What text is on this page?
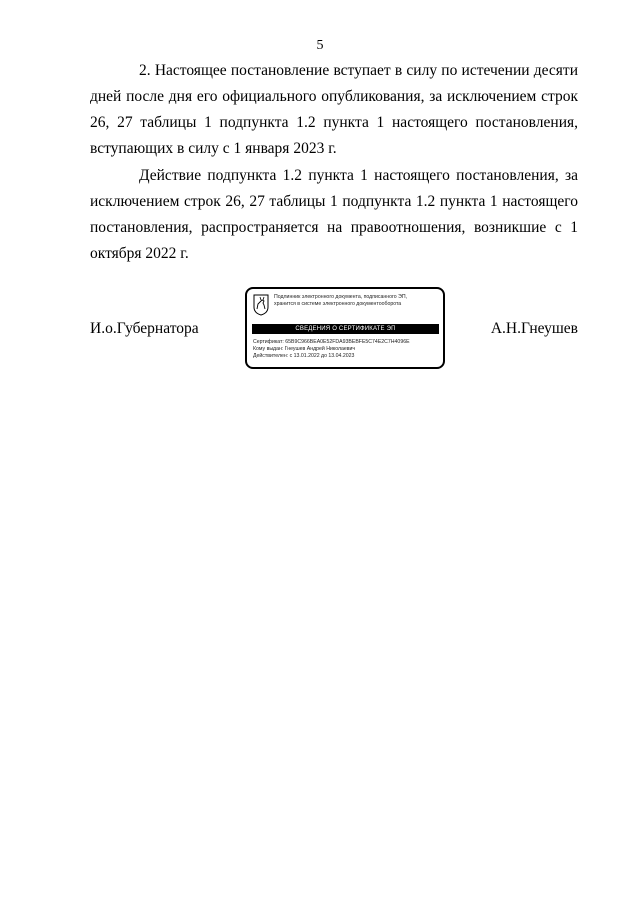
5

2. Настоящее постановление вступает в силу по истечении десяти дней после дня его официального опубликования, за исключением строк 26, 27 таблицы 1 подпункта 1.2 пункта 1 настоящего постановления, вступающих в силу с 1 января 2023 г.

Действие подпункта 1.2 пункта 1 настоящего постановления, за исключением строк 26, 27 таблицы 1 подпункта 1.2 пункта 1 настоящего постановления, распространяется на правоотношения, возникшие с 1 октября 2022 г.

И.о.Губернатора
Подлинник электронного документа, подписанного ЭП,
хранится в системе электронного документооборота
СВЕДЕНИЯ О СЕРТИФИКАТЕ ЭП
Сертификат: 65B9C966BEA0E52FDA93BEBFE5C74E2C7H4096E
Кому выдан: Гнеушев Андрей Николаевич
Действителен: с 13.01.2022 до 13.04.2023
А.Н.Гнеушев
